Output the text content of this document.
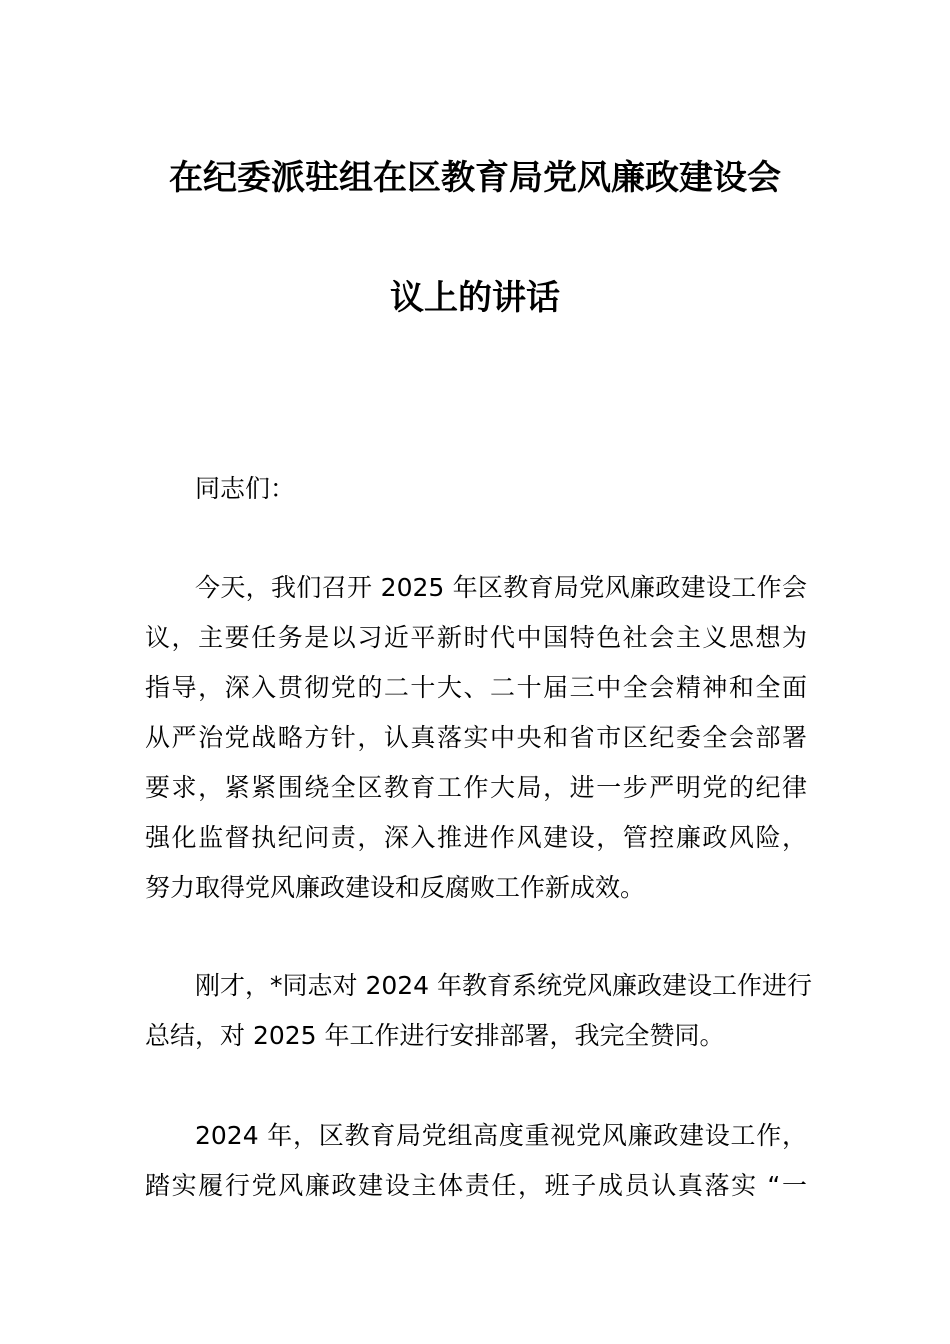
在纪委派驻组在区教育局党风廉政建设会
议上的讲话
同志们：
今天，我们召开 2025 年区教育局党风廉政建设工作会
议，主要任务是以习近平新时代中国特色社会主义思想为
指导，深入贯彻党的二十大、二十届三中全会精神和全面
从严治党战略方针，认真落实中央和省市区纪委全会部署
要求，紧紧围绕全区教育工作大局，进一步严明党的纪律
强化监督执纪问责，深入推进作风建设，管控廉政风险，
努力取得党风廉政建设和反腐败工作新成效。
刚才，*同志对 2024 年教育系统党风廉政建设工作进行
总结，对 2025 年工作进行安排部署，我完全赞同。
2024 年，区教育局党组高度重视党风廉政建设工作，
踏实履行党风廉政建设主体责任，班子成员认真落实 “一
